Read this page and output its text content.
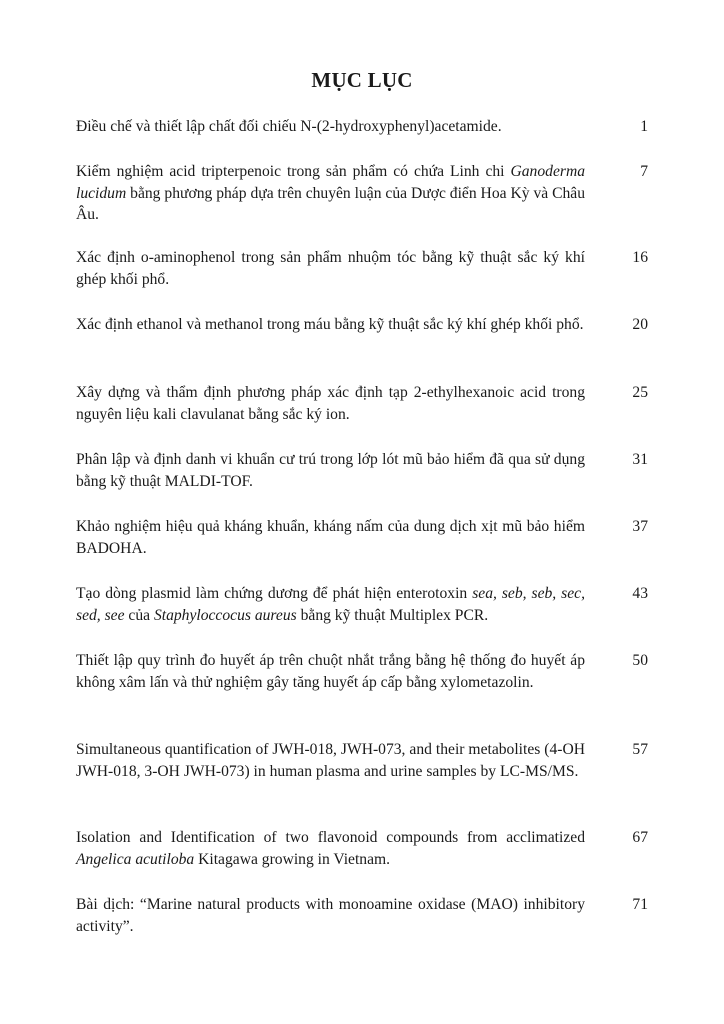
MỤC LỤC
Điều chế và thiết lập chất đối chiếu N-(2-hydroxyphenyl)acetamide.	1
Kiểm nghiệm acid tripterpenoic trong sản phẩm có chứa Linh chi Ganoderma lucidum bằng phương pháp dựa trên chuyên luận của Dược điển Hoa Kỳ và Châu Âu.
7
Xác định o-aminophenol trong sản phẩm nhuộm tóc bằng kỹ thuật sắc ký khí ghép khối phổ.
16
Xác định ethanol và methanol trong máu bằng kỹ thuật sắc ký khí ghép khối phổ.	20
Xây dựng và thẩm định phương pháp xác định tạp 2-ethylhexanoic acid trong nguyên liệu kali clavulanat bằng sắc ký ion.
25
Phân lập và định danh vi khuẩn cư trú trong lớp lót mũ bảo hiểm đã qua sử dụng bằng kỹ thuật MALDI-TOF.
31
Khảo nghiệm hiệu quả kháng khuẩn, kháng nấm của dung dịch xịt mũ bảo hiểm BADOHA.
37
Tạo dòng plasmid làm chứng dương để phát hiện enterotoxin sea, seb, seb, sec, sed, see của Staphyloccocus aureus bằng kỹ thuật Multiplex PCR.
43
Thiết lập quy trình đo huyết áp trên chuột nhắt trắng bằng hệ thống đo huyết áp không xâm lấn và thử nghiệm gây tăng huyết áp cấp bằng xylometazolin.
50
Simultaneous quantification of JWH-018, JWH-073, and their metabolites (4-OH JWH-018, 3-OH JWH-073) in human plasma and urine samples by LC-MS/MS.
57
Isolation and Identification of two flavonoid compounds from acclimatized Angelica acutiloba Kitagawa growing in Vietnam.
67
Bài dịch: “Marine natural products with monoamine oxidase (MAO) inhibitory activity”.
71
